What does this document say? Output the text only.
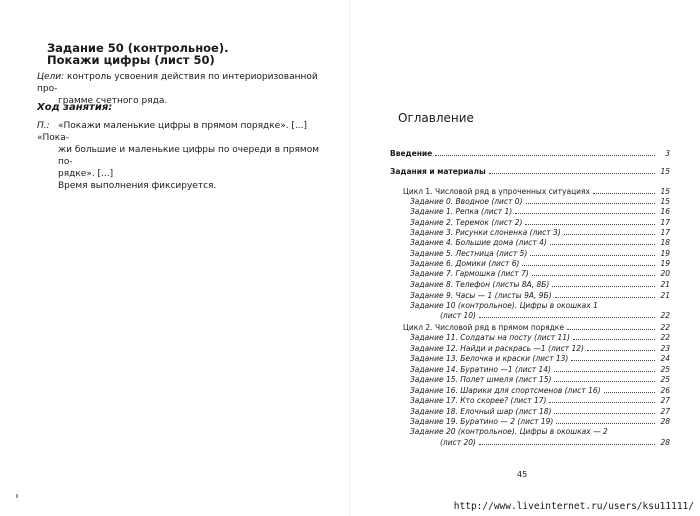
Задание 50 (контрольное).
Покажи цифры (лист 50)
Цели: контроль усвоения действия по интериоризованной про-
грамме счетного ряда.
Ход занятия:
П.: «Покажи маленькие цифры в прямом порядке». [...] «Пока-
жи большие и маленькие цифры по очереди в прямом по-
рядке». [...]
Время выполнения фиксируется.
Оглавление
Введение	3
Задания и материалы	15
Цикл 1. Числовой ряд в упроченных ситуациях	15
Задание 0. Вводное (лист 0)	15
Задание 1. Репка (лист 1)	16
Задание 2. Теремок (лист 2)	17
Задание 3. Рисунки слоненка (лист 3)	17
Задание 4. Большие дома (лист 4)	18
Задание 5. Лестница (лист 5)	19
Задание 6. Домики (лист 6)	19
Задание 7. Гармошка (лист 7)	20
Задание 8. Телефон (листы 8А, 8Б)	21
Задание 9. Часы — 1 (листы 9А, 9Б)	21
Задание 10 (контрольное). Цифры в окошках 1
(лист 10)	22
Цикл 2. Числовой ряд в прямом порядке	22
Задание 11. Солдаты на посту (лист 11)	22
Задание 12. Найди и раскрась —1 (лист 12)	23
Задание 13. Белочка и краски (лист 13)	24
Задание 14. Буратино —1 (лист 14)	25
Задание 15. Полет шмеля (лист 15)	25
Задание 16. Шарики для спортсменов (лист 16)	26
Задание 17. Кто скорее? (лист 17)	27
Задание 18. Елочный шар (лист 18)	27
Задание 19. Буратино — 2 (лист 19)	28
Задание 20 (контрольное). Цифры в окошках — 2
(лист 20)	28
45
http://www.liveinternet.ru/users/ksu11111/
